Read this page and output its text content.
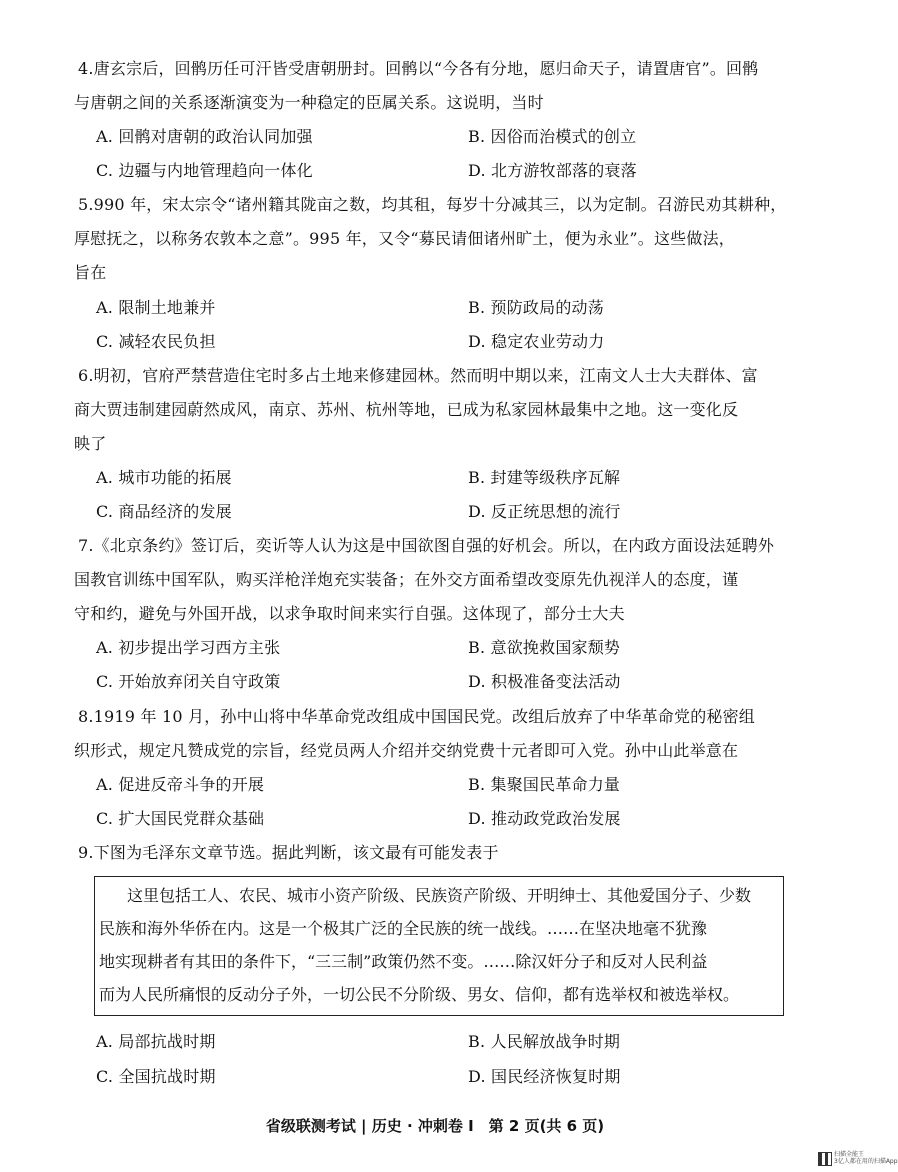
4.唐玄宗后，回鹘历任可汗皆受唐朝册封。回鹘以“今各有分地，愿归命天子，请置唐官”。回鹘
与唐朝之间的关系逐渐演变为一种稳定的臣属关系。这说明，当时
A. 回鹘对唐朝的政治认同加强	B. 因俗而治模式的创立
C. 边疆与内地管理趋向一体化	D. 北方游牧部落的衰落
5.990 年，宋太宗令“诸州籍其陇亩之数，均其租，每岁十分减其三，以为定制。召游民劝其耕种，
厚慰抚之，以称务农敦本之意”。995 年，又令“募民请佃诸州旷土，便为永业”。这些做法，
旨在
A. 限制土地兼并	B. 预防政局的动荡
C. 减轻农民负担	D. 稳定农业劳动力
6.明初，官府严禁营造住宅时多占土地来修建园林。然而明中期以来，江南文人士大夫群体、富
商大贾违制建园蔚然成风，南京、苏州、杭州等地，已成为私家园林最集中之地。这一变化反
映了
A. 城市功能的拓展	B. 封建等级秩序瓦解
C. 商品经济的发展	D. 反正统思想的流行
7.《北京条约》签订后，奕䜣等人认为这是中国欲图自强的好机会。所以，在内政方面设法延聘外
国教官训练中国军队，购买洋枪洋炮充实装备；在外交方面希望改变原先仇视洋人的态度，谨
守和约，避免与外国开战，以求争取时间来实行自强。这体现了，部分士大夫
A. 初步提出学习西方主张	B. 意欲挽救国家颓势
C. 开始放弃闭关自守政策	D. 积极准备变法活动
8.1919 年 10 月，孙中山将中华革命党改组成中国国民党。改组后放弃了中华革命党的秘密组
织形式，规定凡赞成党的宗旨，经党员两人介绍并交纳党费十元者即可入党。孙中山此举意在
A. 促进反帝斗争的开展	B. 集聚国民革命力量
C. 扩大国民党群众基础	D. 推动政党政治发展
9.下图为毛泽东文章节选。据此判断，该文最有可能发表于
这里包括工人、农民、城市小资产阶级、民族资产阶级、开明绅士、其他爱国分子、少数
民族和海外华侨在内。这是一个极其广泛的全民族的统一战线。……在坚决地毫不犹豫
地实现耕者有其田的条件下，“三三制”政策仍然不变。……除汉奸分子和反对人民利益
而为人民所痛恨的反动分子外，一切公民不分阶级、男女、信仰，都有选举权和被选举权。
A. 局部抗战时期	B. 人民解放战争时期
C. 全国抗战时期	D. 国民经济恢复时期
省级联测考试 | 历史 · 冲刺卷 Ⅰ　第 2 页(共 6 页)
扫描全能王
3亿人都在用的扫描App
